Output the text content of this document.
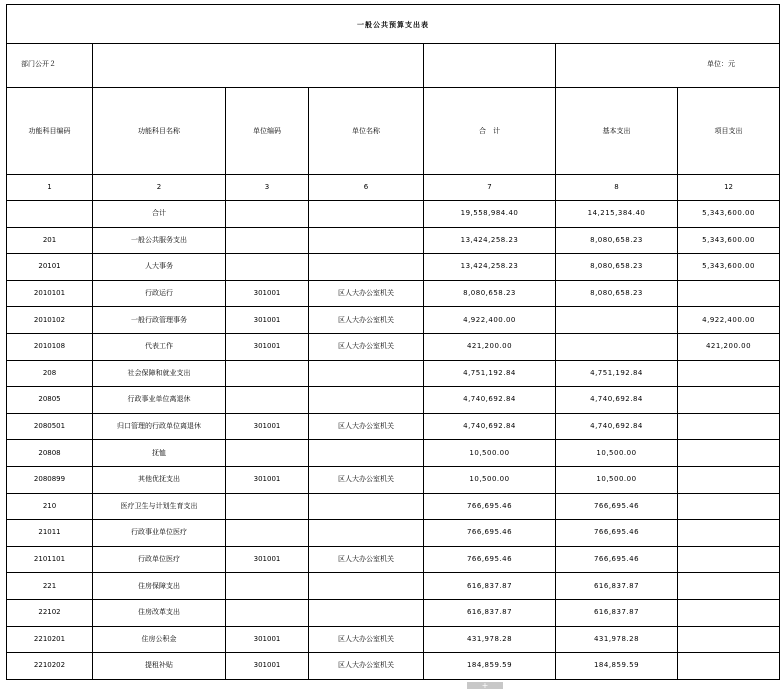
一般公共预算支出表						
部门公开２					单位：元	
功能科目编码	功能科目名称	单位编码	单位名称	合　计	基本支出	项目支出
1	2	3	6	7	8	12
	合计			19,558,984.40	14,215,384.40	5,343,600.00
201	一般公共服务支出			13,424,258.23	8,080,658.23	5,343,600.00
20101	人大事务			13,424,258.23	8,080,658.23	5,343,600.00
2010101	行政运行	301001	区人大办公室机关	8,080,658.23	8,080,658.23	
2010102	一般行政管理事务	301001	区人大办公室机关	4,922,400.00		4,922,400.00
2010108	代表工作	301001	区人大办公室机关	421,200.00		421,200.00
208	社会保障和就业支出			4,751,192.84	4,751,192.84	
20805	行政事业单位离退休			4,740,692.84	4,740,692.84	
2080501	归口管理的行政单位离退休	301001	区人大办公室机关	4,740,692.84	4,740,692.84	
20808	抚恤			10,500.00	10,500.00	
2080899	其他优抚支出	301001	区人大办公室机关	10,500.00	10,500.00	
210	医疗卫生与计划生育支出			766,695.46	766,695.46	
21011	行政事业单位医疗			766,695.46	766,695.46	
2101101	行政单位医疗	301001	区人大办公室机关	766,695.46	766,695.46	
221	住房保障支出			616,837.87	616,837.87	
22102	住房改革支出			616,837.87	616,837.87	
2210201	住房公积金	301001	区人大办公室机关	431,978.28	431,978.28	
2210202	提租补贴	301001	区人大办公室机关	184,859.59	184,859.59	
+
